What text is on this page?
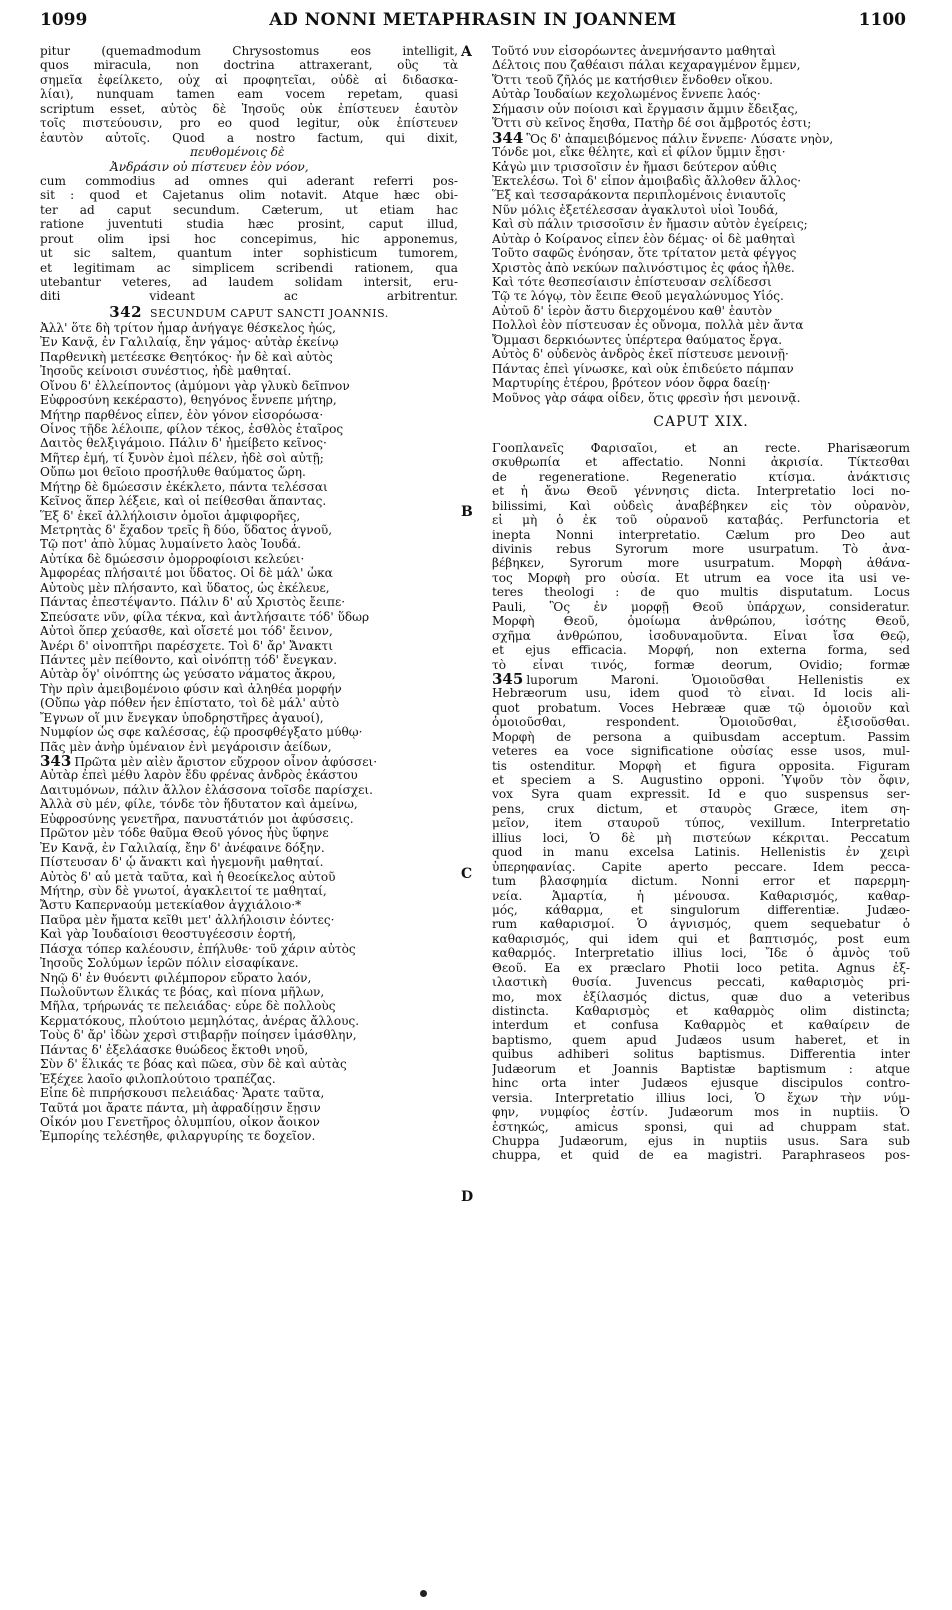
1099	AD NONNI METAPHRASIN IN JOANNEM	1100
A
B
C
D
pitur (quemadmodum Chrysostomus eos intelligit,
quos miracula, non doctrina attraxerant, οὓς τὰ
σημεῖα ἐφείλκετο, οὐχ αἱ προφητεῖαι, οὐδὲ αἱ διδασκα-
λίαι), nunquam tamen eam vocem repetam, quasi
scriptum esset, αὐτὸς δὲ Ἰησοῦς οὐκ ἐπίστευεν ἑαυτὸν
τοῖς πιστεύουσιν, pro eo quod legitur, οὐκ ἐπίστευεν
ἑαυτὸν αὐτοῖς. Quod a nostro factum, qui dixit,
πευθομένοις δὲ
Ἀνδράσιν οὐ πίστευεν ἑὸν νόον,
cum commodius ad omnes qui aderant referri pos-
sit : quod et Cajetanus olim notavit. Atque hæc obi-
ter ad caput secundum. Cæterum, ut etiam hac
ratione juventuti studia hæc prosint, caput illud,
prout olim ipsi hoc concepimus, hic apponemus,
ut sic saltem, quantum inter sophisticum tumorem,
et legitimam ac simplicem scribendi rationem, qua
utebantur veteres, ad laudem solidam intersit, eru-
diti videant ac arbitrentur.
342 SECUNDUM CAPUT SANCTI JOANNIS.
Ἀλλ' ὅτε δὴ τρίτον ἦμαρ ἀνήγαγε θέσκελος ἠώς,
Ἐν Κανᾷ, ἐν Γαλιλαίᾳ, ἔην γάμος· αὐτὰρ ἐκείνῳ
Παρθενικὴ μετέεσκε Θεητόκος· ἦν δὲ καὶ αὐτὸς
Ἰησοῦς κείνοισι συνέστιος, ἠδὲ μαθηταί.
Οἴνου δ' ἐλλείποντος (ἀμύμονι γὰρ γλυκὺ δεῖπνον
Εὐφροσύνη κεκέραστο), θεηγόνος ἔννεπε μήτηρ,
Μήτηρ παρθένος εἶπεν, ἑὸν γόνον εἰσορόωσα·
Οἶνος τῇδε λέλοιπε, φίλον τέκος, ἐσθλὸς ἑταῖρος
Δαιτὸς θελξιγάμοιο. Πάλιν δ' ἠμείβετο κεῖνος·
Μῆτερ ἐμή, τί ξυνὸν ἐμοὶ πέλεν, ἠδὲ σοὶ αὐτῇ;
Οὔπω μοι θεῖοιο προσήλυθε θαύματος ὥρη.
Μήτηρ δὲ δμώεσσιν ἐκέκλετο, πάντα τελέσσαι
Κεῖνος ἅπερ λέξειε, καὶ οἱ πείθεσθαι ἅπαντας.
Ἕξ δ' ἐκεῖ ἀλλήλοισιν ὁμοῖοι ἀμφιφορῆες,
Μετρητὰς δ' ἔχαδον τρεῖς ἢ δύο, ὕδατος ἁγνοῦ,
Τῷ ποτ' ἀπὸ λύμας λυμαίνετο λαὸς Ἰουδά.
Αὐτίκα δὲ δμώεσσιν ὀμορροφίοισι κελεύει·
Ἀμφορέας πλήσαιτέ μοι ὕδατος. Οἱ δὲ μάλ' ὦκα
Αὐτοὺς μὲν πλήσαντο, καὶ ὕδατος, ὡς ἐκέλευε,
Πάντας ἐπεστέψαντο. Πάλιν δ' αὖ Χριστὸς ἔειπε·
Σπεύσατε νῦν, φίλα τέκνα, καὶ ἀντλήσαιτε τόδ' ὕδωρ
Αὐτοὶ ὅπερ χεύασθε, καὶ οἴσετέ μοι τόδ' ἔεινον,
Ἀνέρι δ' οἰνοπτῆρι παρέσχετε. Τοὶ δ' ἄρ' Ἄνακτι
Πάντες μὲν πείθοντο, καὶ οἰνόπτῃ τόδ' ἔνεγκαν.
Αὐτὰρ ὅγ' οἰνόπτης ὡς γεύσατο νάματος ἄκρου,
Τὴν πρὶν ἀμειβομένοιο φύσιν καὶ ἀληθέα μορφήν
(Οὔπω γὰρ πόθεν ἦεν ἐπίστατο, τοὶ δὲ μάλ' αὐτὸ
Ἔγνων οἵ μιν ἔνεγκαν ὑποδρηστῆρες ἀγαυοί),
Νυμφίον ὧς σφε καλέσσας, ἑῷ προσφθέγξατο μύθῳ·
Πᾶς μὲν ἀνὴρ ὑμέναιον ἐνὶ μεγάροισιν ἀείδων,
343 Πρῶτα μὲν αἰὲν ἄριστον εὔχροον οἶνον ἀφύσσει·
Αὐτὰρ ἐπεὶ μέθυ λαρὸν ἔδυ φρένας ἀνδρὸς ἑκάστου
Δαιτυμόνων, πάλιν ἄλλον ἐλάσσονα τοῖσδε παρίσχει.
Ἀλλὰ σὺ μέν, φίλε, τόνδε τὸν ἥδυτατον καὶ ἀμείνω,
Εὐφροσύνης γενετῆρα, πανυστάτιόν μοι ἀφύσσεις.
Πρῶτον μὲν τόδε θαῦμα Θεοῦ γόνος ἦὺς ὕφηνε
Ἐν Κανᾷ, ἐν Γαλιλαίᾳ, ἔην δ' ἀνέφαινε δόξην.
Πίστευσαν δ' ᾧ ἄνακτι καὶ ἡγεμονῆι μαθηταί.
Αὐτὸς δ' αὖ μετὰ ταῦτα, καὶ ἡ θεοείκελος αὐτοῦ
Μήτηρ, σὺν δὲ γνωτοί, ἀγακλειτοί τε μαθηταί,
Ἄστυ Καπερναούμ μετεκίαθον ἀγχιάλοιο·*
Παῦρα μὲν ἤματα κεῖθι μετ' ἀλλήλοισιν ἐόντες·
Καὶ γὰρ Ἰουδαίοισι θεοστυγέεσσιν ἑορτή,
Πάσχα τόπερ καλέουσιν, ἐπήλυθε· τοῦ χάριν αὐτὸς
Ἰησοῦς Σολύμων ἱερῶν πόλιν εἰσαφίκανε.
Νηῷ δ' ἐν θυόεντι φιλέμπορον εὕρατο λαόν,
Πωλοῦντων ἕλικάς τε βόας, καὶ πίονα μῆλων,
Μῆλα, τρήρωνάς τε πελειάδας· εὗρε δὲ πολλοὺς
Κερματόκους, πλούτοιο μεμηλότας, ἀνέρας ἄλλους.
Τοὺς δ' ἄρ' ἰδὼν χερσὶ στιβαρῇν ποίησεν ἱμάσθλην,
Πάντας δ' ἐξελάασκε θυώδεος ἔκτοθι νηοῦ,
Σὺν δ' ἕλικάς τε βόας καὶ πῶεα, σὺν δὲ καὶ αὐτὰς
Ἐξέχεε λαοῖο φιλοπλούτοιο τραπέζας.
Εἶπε δὲ πιπρήσκουσι πελειάδας· Ἄρατε ταῦτα,
Ταῦτά μοι ἄρατε πάντα, μὴ ἀφραδίῃσιν ἔῃσιν
Οἶκόν μου Γενετῆρος ὀλυμπίου, οἶκον ἄοικον
Ἐμπορίης τελέσηθε, φιλαργυρίης τε δοχεῖον.
Τοῦτό νυν εἰσορόωντες ἀνεμνήσαντο μαθηταὶ
Δέλτοις που ζαθέαισι πάλαι κεχαραγμένον ἔμμεν,
Ὅττι τεοῦ ζῆλός με κατήσθιεν ἔνδοθεν οἴκου.
Αὐτὰρ Ἰουδαίων κεχολωμένος ἔννεπε λαός·
Σήμασιν οὖν ποίοισι καὶ ἔργμασιν ἄμμιν ἔδειξας,
Ὅττι σὺ κεῖνος ἔησθα, Πατὴρ δέ σοι ἄμβροτός ἐστι;
344 Ὃς δ' ἀπαμειβόμενος πάλιν ἔννεπε· Λύσατε νηὸν,
Τόνδε μοι, εἴκε θέλητε, καὶ εἰ φίλον ὔμμιν ἔῃσι·
Κἀγὼ μιν τρισσοῖσιν ἐν ἤμασι δεύτερον αὖθις
Ἐκτελέσω. Τοὶ δ' εἶπον ἀμοιβαδὶς ἄλλοθεν ἄλλος·
Ἕξ καὶ τεσσαράκοντα περιπλομένοις ἐνιαυτοῖς
Νῦν μόλις ἐξετέλεσσαν ἀγακλυτοὶ υἱοὶ Ἰουδά,
Καὶ σὺ πάλιν τρισσοῖσιν ἐν ἤμασιν αὐτὸν ἐγείρεις;
Αὐτὰρ ὁ Κοίρανος εἶπεν ἑὸν δέμας· οἱ δὲ μαθηταὶ
Τοῦτο σαφῶς ἐνόησαν, ὅτε τρίτατον μετὰ φέγγος
Χριστὸς ἀπὸ νεκύων παλινόστιμος ἐς φάος ἦλθε.
Καὶ τότε θεσπεσίαισιν ἐπίστευσαν σελίδεσσι
Τῷ τε λόγῳ, τὸν ἔειπε Θεοῦ μεγαλώνυμος Υἱός.
Αὐτοῦ δ' ἱερὸν ἄστυ διερχομένου καθ' ἑαυτὸν
Πολλοὶ ἑὸν πίστευσαν ἐς οὔνομα, πολλὰ μὲν ἄντα
Ὄμμασι δερκιόωντες ὑπέρτερα θαύματος ἔργα.
Αὐτὸς δ' οὐδενὸς ἀνδρὸς ἐκεῖ πίστευσε μενοινῇ·
Πάντας ἐπεὶ γίνωσκε, καὶ οὐκ ἐπιδεύετο πάμπαν
Μαρτυρίης ἑτέρου, βρότεον νόον ὄφρα δαείῃ·
Μοῦνος γὰρ σάφα οἶδεν, ὅτις φρεσὶν ἧσι μενοινᾷ.
CAPUT XIX.
Γοοπλανεῖς Φαρισαῖοι, et an recte. Pharisæorum
σκυθρωπία et affectatio. Nonni ἀκρισία. Τίκτεσθαι
de regeneratione. Regeneratio κτίσμα. ἀνάκτισις
et ἡ ἄνω Θεοῦ γέννησις dicta. Interpretatio loci no-
bilissimi, Καὶ οὐδεὶς ἀναβέβηκεν εἰς τὸν οὐρανὸν,
εἰ μὴ ὁ ἐκ τοῦ οὐρανοῦ καταβάς. Perfunctoria et
inepta Nonni interpretatio. Cælum pro Deo aut
divinis rebus Syrorum more usurpatum. Τὸ ἀνα-
βέβηκεν, Syrorum more usurpatum. Μορφὴ ἀθάνα-
τος Μορφὴ pro οὐσία. Et utrum ea voce ita usi ve-
teres theologi : de quo multis disputatum. Locus
Pauli, Ὃς ἐν μορφῇ Θεοῦ ὑπάρχων, consideratur.
Μορφὴ Θεοῦ, ὁμοίωμα ἀνθρώπου, ἰσότης Θεοῦ,
σχῆμα ἀνθρώπου, ἰσοδυναμοῦντα. Εἶναι ἴσα Θεῷ,
et ejus efficacia. Μορφή, non externa forma, sed
τὸ εἶναι τινός, formæ deorum, Ovidio; formæ
345 luporum Maroni. Ὁμοιοῦσθαι Hellenistis ex
Hebræorum usu, idem quod τὸ εἶναι. Id locis ali-
quot probatum. Voces Hebrææ quæ τῷ ὁμοιοῦν καὶ
ὁμοιοῦσθαι, respondent. Ὁμοιοῦσθαι, ἐξισοῦσθαι.
Μορφὴ de persona a quibusdam acceptum. Passim
veteres ea voce significatione οὐσίας esse usos, mul-
tis ostenditur. Μορφὴ et figura opposita. Figuram
et speciem a S. Augustino opponi. Ὑψοῦν τὸν ὄφιν,
vox Syra quam expressit. Id e quo suspensus ser-
pens, crux dictum, et σταυρὸς Græce, item ση-
μεῖον, item σταυροῦ τύπος, vexillum. Interpretatio
illius loci, Ὁ δὲ μὴ πιστεύων κέκριται. Peccatum
quod in manu excelsa Latinis. Hellenistis ἐν χειρὶ
ὑπερηφανίας. Capite aperto peccare. Idem pecca-
tum βλασφημία dictum. Nonni error et παρερμη-
νεία. Ἁμαρτία, ἡ μένουσα. Καθαρισμός, καθαρ-
μός, κάθαρμα, et singulorum differentiæ. Judæo-
rum καθαρισμοί. Ὁ ἁγνισμός, quem sequebatur ὁ
καθαρισμός, qui idem qui et βαπτισμός, post eum
καθαρμός. Interpretatio illius loci, Ἴδε ὁ ἀμνὸς τοῦ
Θεοῦ. Ea ex præclaro Photii loco petita. Agnus ἐξ-
ιλαστικὴ θυσία. Juvencus peccati, καθαρισμὸς pri-
mo, mox ἐξίλασμός dictus, quæ duo a veteribus
distincta. Καθαρισμὸς et καθαρμὸς olim distincta;
interdum et confusa Καθαρμὸς et καθαίρειν de
baptismo, quem apud Judæos usum haberet, et in
quibus adhiberi solitus baptismus. Differentia inter
Judæorum et Joannis Baptistæ baptismum : atque
hinc orta inter Judæos ejusque discipulos contro-
versia. Interpretatio illius loci, Ὁ ἔχων τὴν νύμ-
φην, νυμφίος ἐστίν. Judæorum mos in nuptiis. Ὁ
ἑστηκώς, amicus sponsi, qui ad chuppam stat.
Chuppa Judæorum, ejus in nuptiis usus. Sara sub
chuppa, et quid de ea magistri. Paraphraseos pos-
